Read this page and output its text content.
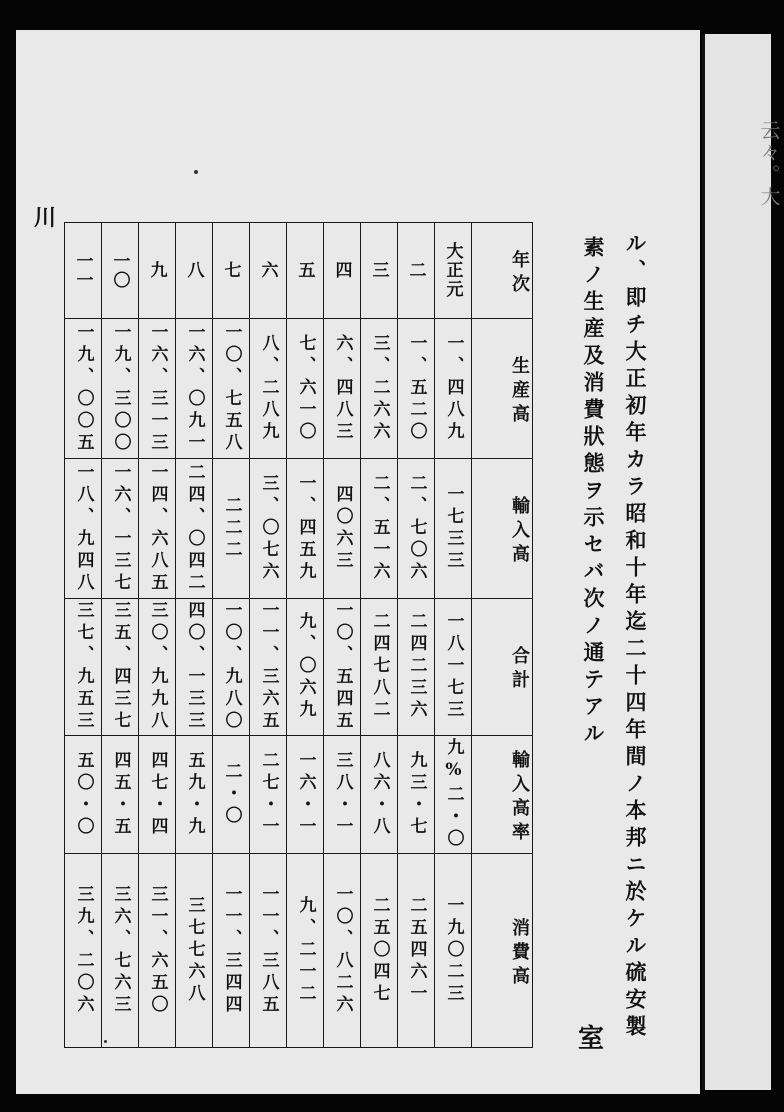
云々。大
川
ル、即チ大正初年カラ昭和十年迄二十四年間ノ本邦ニ於ケル硫安製
素ノ生産及消費狀態ヲ示セバ次ノ通テアル
室
一一	一〇	九	八	七	六	五	四	三	二	大正元	年次
一九、〇〇五	一九、三〇〇	一六、三一三	一六、〇九一	一〇、七五八	八、二八九	七、六一〇	六、四八三	三、二六六	一、五二〇	一、四八九	生産高
一八、九四八	一六、一三七	一四、六八五	二四、〇四二	二二二	三、〇七六	一、四五九	四〇六三	二、五一六	二、七〇六	一七三三	輸入高
三七、九五三	三五、四三七	三〇、九九八	四〇、一三三	一〇、九八〇	一一、三六五	九、〇六九	一〇、五四五	二四七八二	二四二三六	一八一七三	合計
五〇・〇	四五・五	四七・四	五九・九	二・〇	二七・一	一六・一	三八・一	八六・八	九三・七	九%二・〇	輸入高率
三九、二〇六	三六、七六三	三一、六五〇	三七七六八	一一、三四四	一一、三八五	九、二一二	一〇、八二六	二五〇四七	二五四六一	一九〇二三	消費高
